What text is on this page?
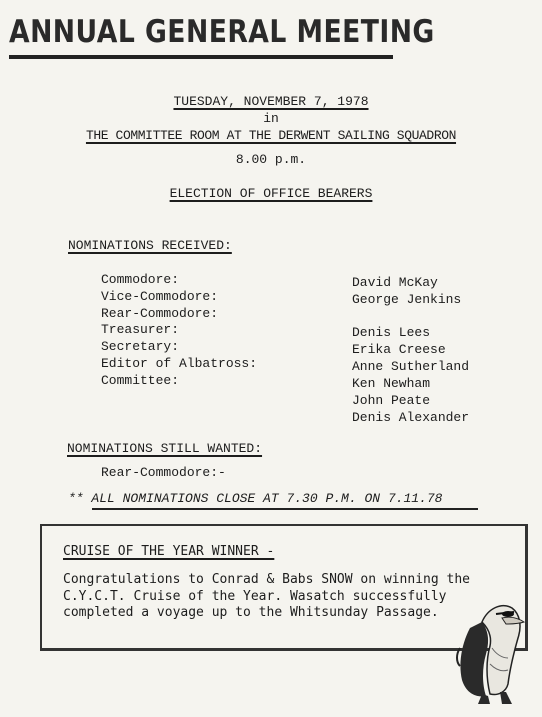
ANNUAL GENERAL MEETING
TUESDAY, NOVEMBER 7, 1978
in
THE COMMITTEE ROOM AT THE DERWENT SAILING SQUADRON
8.00 p.m.
ELECTION OF OFFICE BEARERS
NOMINATIONS RECEIVED:
Commodore:	David McKay
Vice-Commodore:	George Jenkins
Rear-Commodore:
Treasurer:	Denis Lees
Secretary:	Erika Creese
Editor of Albatross:	Anne Sutherland
Committee:	Ken Newham
John Peate
Denis Alexander
NOMINATIONS STILL WANTED:
Rear-Commodore:-
** ALL NOMINATIONS CLOSE AT 7.30 P.M. ON 7.11.78
CRUISE OF THE YEAR WINNER -
Congratulations to Conrad & Babs SNOW on winning the
C.Y.C.T. Cruise of the Year. Wasatch successfully
completed a voyage up to the Whitsunday Passage.
